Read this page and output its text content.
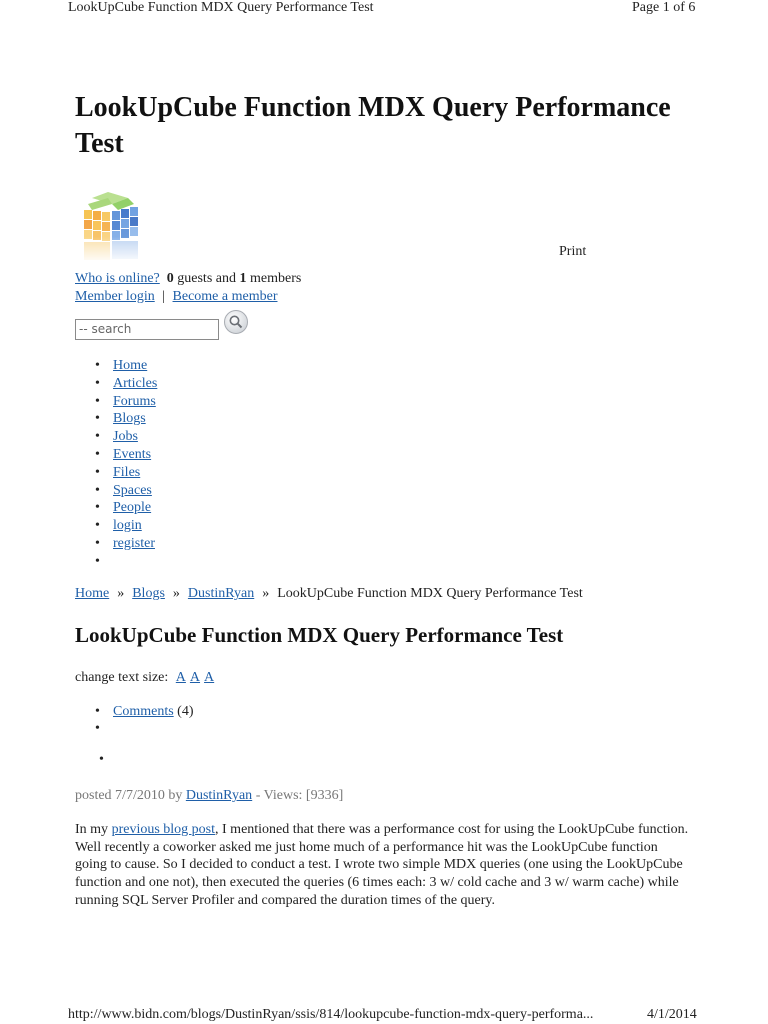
LookUpCube Function MDX Query Performance Test	Page 1 of 6
LookUpCube Function MDX Query Performance Test
Print
Who is online? 0 guests and 1 members
Member login | Become a member
-- search
• Home
• Articles
• Forums
• Blogs
• Jobs
• Events
• Files
• Spaces
• People
• login
• register
•
Home » Blogs » DustinRyan » LookUpCube Function MDX Query Performance Test
LookUpCube Function MDX Query Performance Test
change text size: A A A
• Comments (4)
•
•
posted 7/7/2010 by DustinRyan - Views: [9336]
In my previous blog post, I mentioned that there was a performance cost for using the LookUpCube function. Well recently a coworker asked me just home much of a performance hit was the LookUpCube function going to cause. So I decided to conduct a test. I wrote two simple MDX queries (one using the LookUpCube function and one not), then executed the queries (6 times each: 3 w/ cold cache and 3 w/ warm cache) while running SQL Server Profiler and compared the duration times of the query.
http://www.bidn.com/blogs/DustinRyan/ssis/814/lookupcube-function-mdx-query-performa...	4/1/2014
